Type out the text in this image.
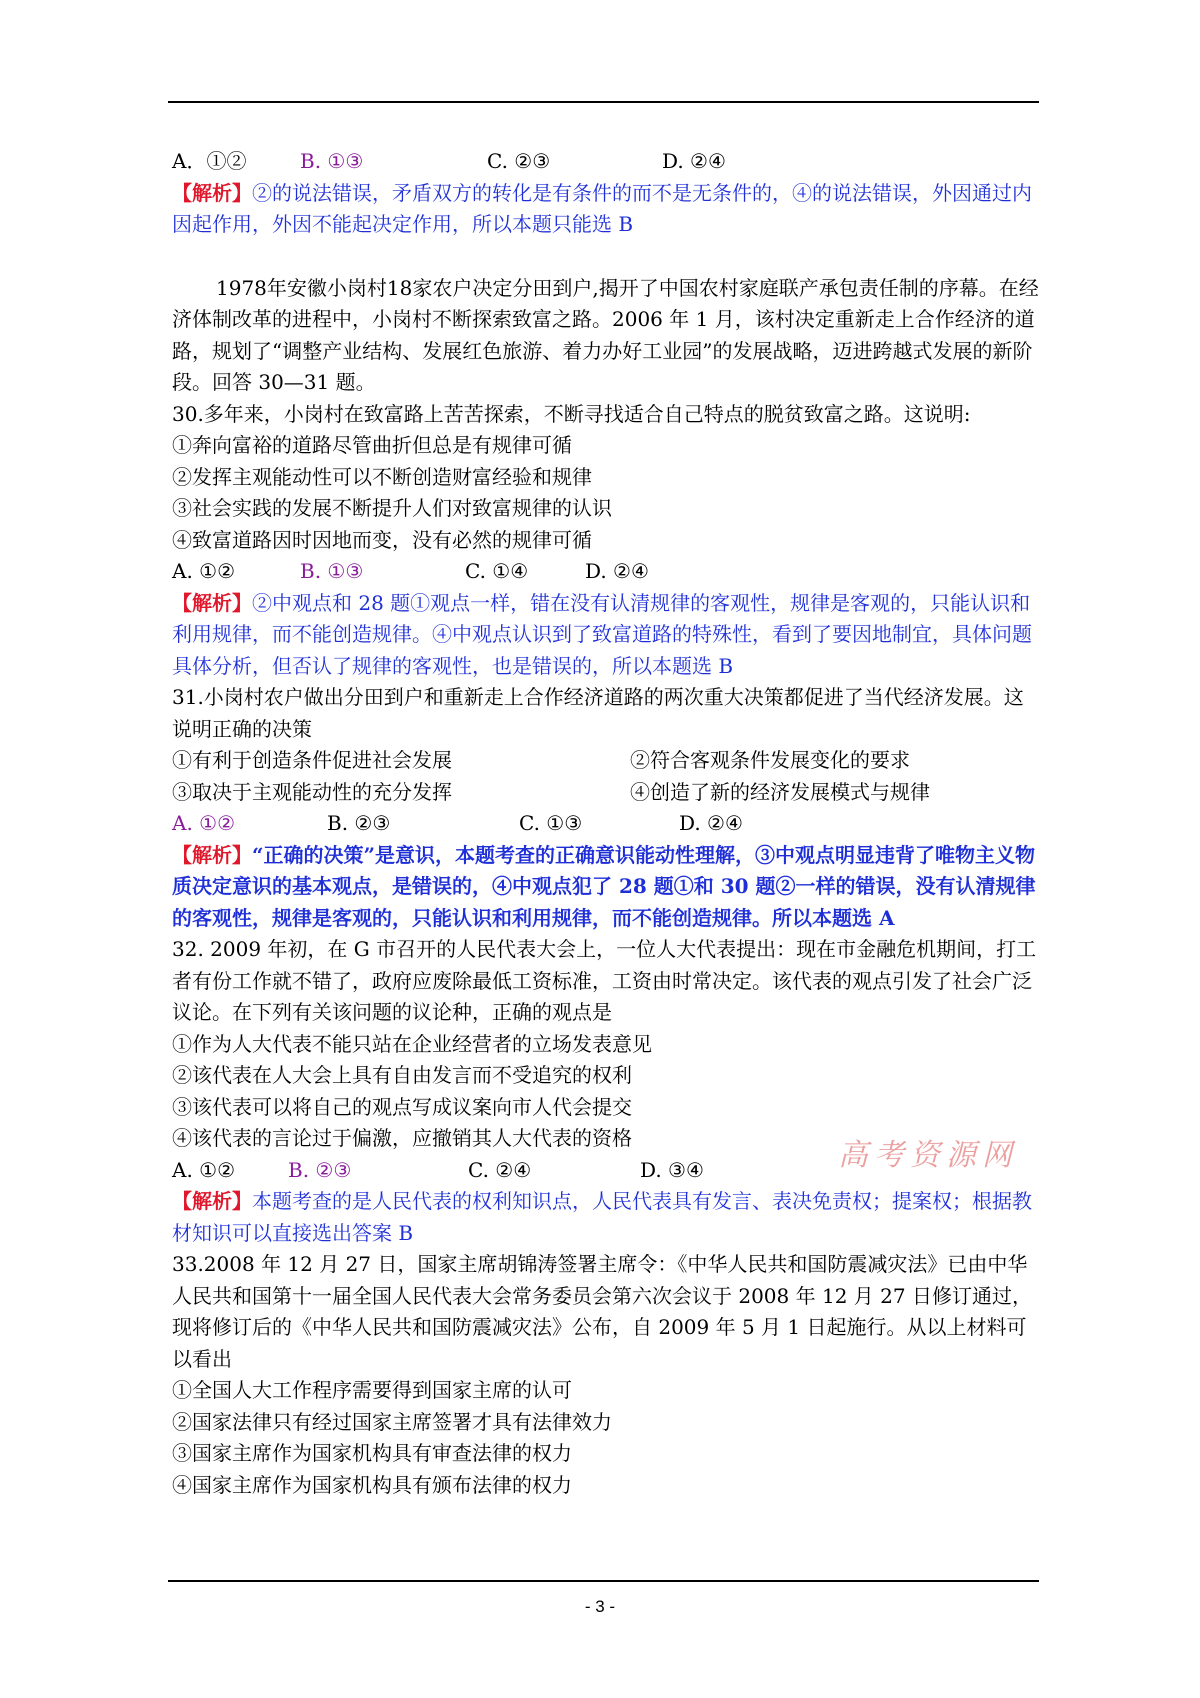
A．①②	B. ①③	C. ②③	D. ②④
【解析】②的说法错误，矛盾双方的转化是有条件的而不是无条件的，④的说法错误，外因通过内因起作用，外因不能起决定作用，所以本题只能选 B
1978年安徽小岗村18家农户决定分田到户,揭开了中国农村家庭联产承包责任制的序幕。在经济体制改革的进程中，小岗村不断探索致富之路。2006 年 1 月，该村决定重新走上合作经济的道路，规划了“调整产业结构、发展红色旅游、着力办好工业园”的发展战略，迈进跨越式发展的新阶段。回答 30—31 题。
30.多年来，小岗村在致富路上苦苦探索，不断寻找适合自己特点的脱贫致富之路。这说明:
①奔向富裕的道路尽管曲折但总是有规律可循
②发挥主观能动性可以不断创造财富经验和规律
③社会实践的发展不断提升人们对致富规律的认识
④致富道路因时因地而变，没有必然的规律可循
A. ①②	B. ①③	C. ①④	D. ②④
【解析】②中观点和 28 题①观点一样，错在没有认清规律的客观性，规律是客观的，只能认识和利用规律，而不能创造规律。④中观点认识到了致富道路的特殊性，看到了要因地制宜，具体问题具体分析，但否认了规律的客观性，也是错误的，所以本题选 B
31.小岗村农户做出分田到户和重新走上合作经济道路的两次重大决策都促进了当代经济发展。这说明正确的决策
①有利于创造条件促进社会发展	②符合客观条件发展变化的要求
③取决于主观能动性的充分发挥	④创造了新的经济发展模式与规律
A. ①②	B. ②③	C. ①③	D. ②④
【解析】“正确的决策”是意识，本题考查的正确意识能动性理解，③中观点明显违背了唯物主义物质决定意识的基本观点，是错误的，④中观点犯了 28 题①和 30 题②一样的错误，没有认清规律的客观性，规律是客观的，只能认识和利用规律，而不能创造规律。所以本题选 A
32. 2009 年初，在 G 市召开的人民代表大会上，一位人大代表提出：现在市金融危机期间，打工者有份工作就不错了，政府应废除最低工资标准，工资由时常决定。该代表的观点引发了社会广泛议论。在下列有关该问题的议论种，正确的观点是
①作为人大代表不能只站在企业经营者的立场发表意见
②该代表在人大会上具有自由发言而不受追究的权利
③该代表可以将自己的观点写成议案向市人代会提交
④该代表的言论过于偏激，应撤销其人大代表的资格
A. ①②	B. ②③	C. ②④	D. ③④
【解析】本题考查的是人民代表的权利知识点，人民代表具有发言、表决免责权；提案权；根据教材知识可以直接选出答案 B
33.2008 年 12 月 27 日，国家主席胡锦涛签署主席令：《中华人民共和国防震减灾法》已由中华人民共和国第十一届全国人民代表大会常务委员会第六次会议于 2008 年 12 月 27 日修订通过，现将修订后的《中华人民共和国防震减灾法》公布，自 2009 年 5 月 1 日起施行。从以上材料可以看出
①全国人大工作程序需要得到国家主席的认可
②国家法律只有经过国家主席签署才具有法律效力
③国家主席作为国家机构具有审查法律的权力
④国家主席作为国家机构具有颁布法律的权力
高考资源网
- 3 -
